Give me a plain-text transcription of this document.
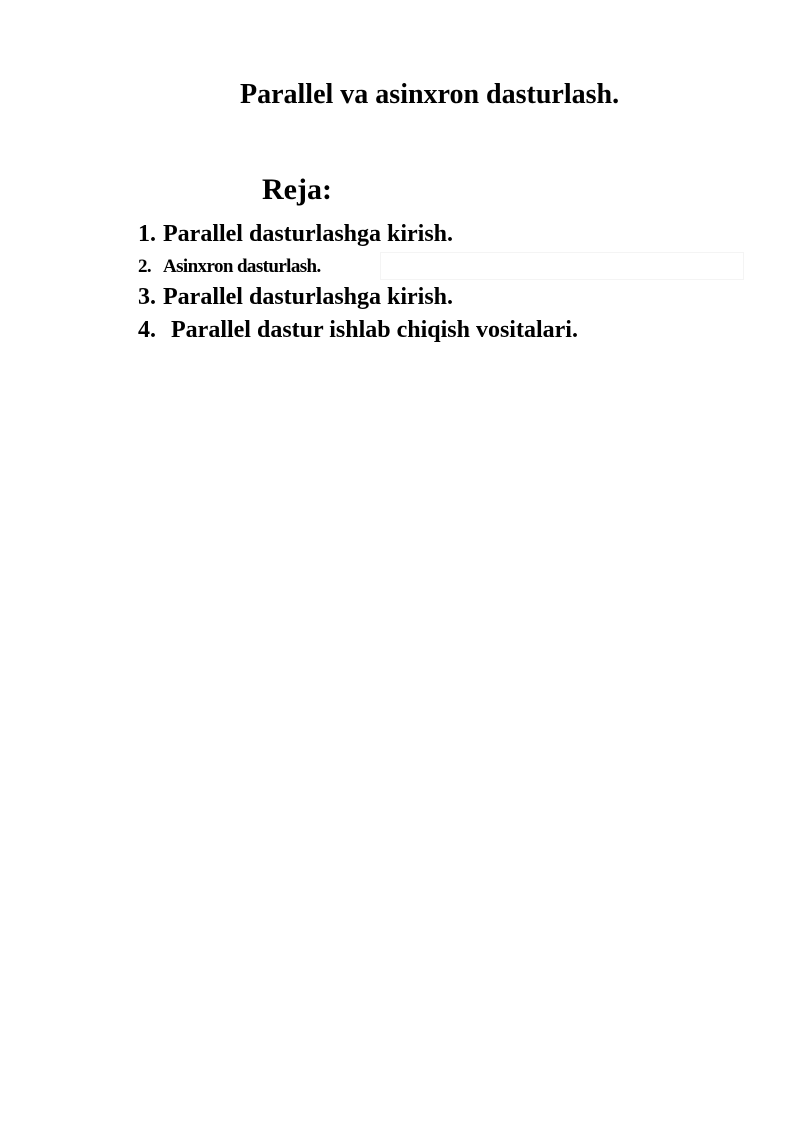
Parallel va asinxron dasturlash.
Reja:
1. Parallel dasturlashga kirish.
2. Asinxron dasturlash.
3. Parallel dasturlashga kirish.
4. Parallel dastur ishlab chiqish vositalari.
